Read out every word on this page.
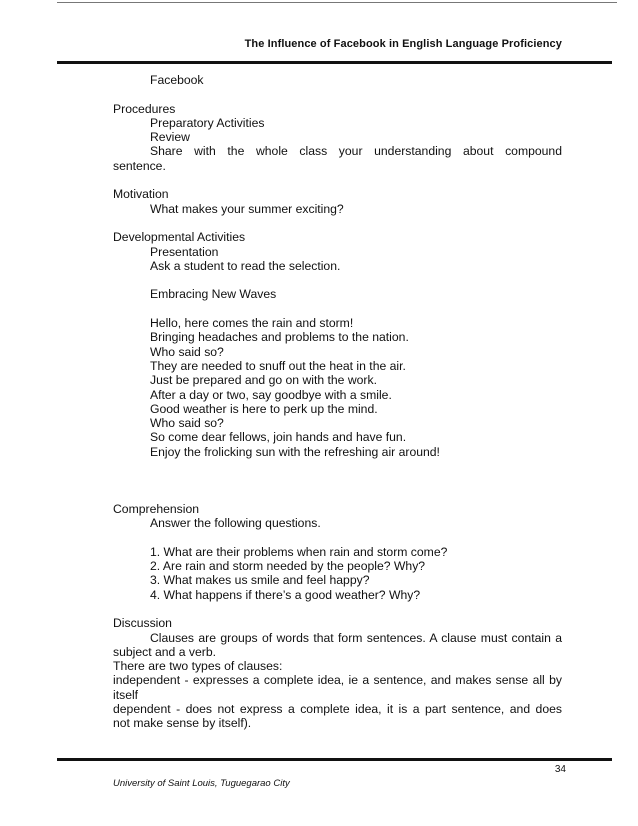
The Influence of Facebook in English Language Proficiency
Facebook
Procedures
Preparatory Activities
Review
Share with the whole class your understanding about compound
sentence.
Motivation
What makes your summer exciting?
Developmental Activities
Presentation
Ask a student to read the selection.
Embracing New Waves
Hello, here comes the rain and storm!
Bringing headaches and problems to the nation.
Who said so?
They are needed to snuff out the heat in the air.
Just be prepared and go on with the work.
After a day or two, say goodbye with a smile.
Good weather is here to perk up the mind.
Who said so?
So come dear fellows, join hands and have fun.
Enjoy the frolicking sun with the refreshing air around!
Comprehension
Answer the following questions.
1. What are their problems when rain and storm come?
2. Are rain and storm needed by the people? Why?
3. What makes us smile and feel happy?
4. What happens if there’s a good weather? Why?
Discussion
Clauses are groups of words that form sentences. A clause must contain a
subject and a verb.
There are two types of clauses:
independent - expresses a complete idea, ie a sentence, and makes sense all by
itself
dependent - does not express a complete idea, it is a part sentence, and does
not make sense by itself).
34
University of Saint Louis, Tuguegarao City
